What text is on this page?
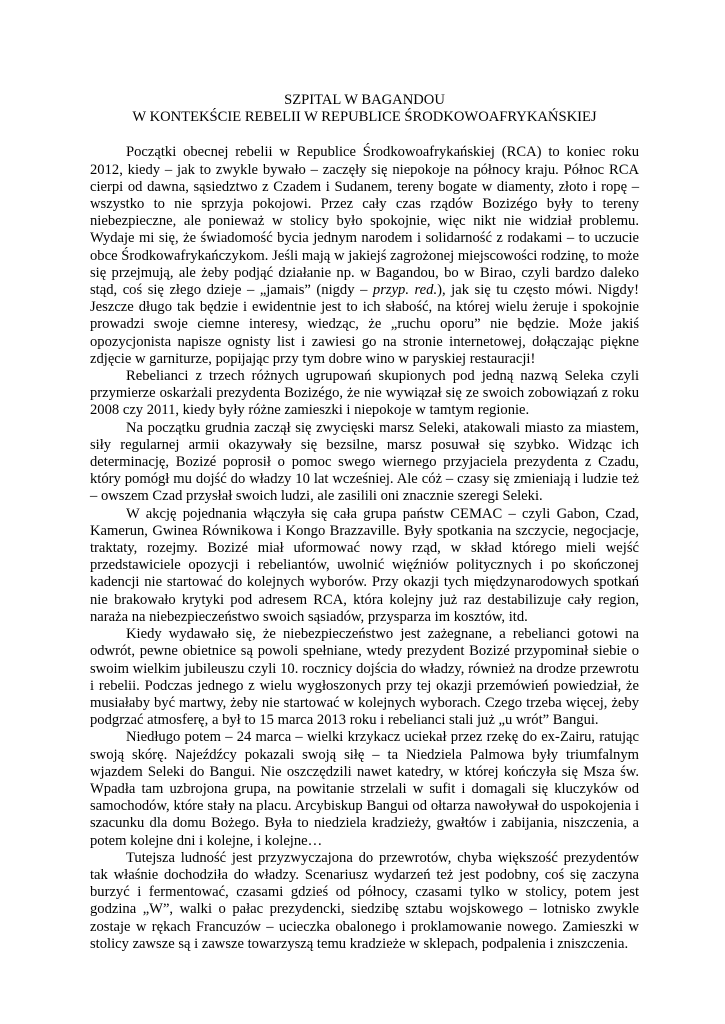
SZPITAL W BAGANDOU

W KONTEKŚCIE REBELII W REPUBLICE ŚRODKOWOAFRYKAŃSKIEJ

Początki obecnej rebelii w Republice Środkowoafrykańskiej (RCA) to koniec roku 2012, kiedy – jak to zwykle bywało – zaczęły się niepokoje na północy kraju. Północ RCA cierpi od dawna, sąsiedztwo z Czadem i Sudanem, tereny bogate w diamenty, złoto i ropę – wszystko to nie sprzyja pokojowi. Przez cały czas rządów Bozizégo były to tereny niebezpieczne, ale ponieważ w stolicy było spokojnie, więc nikt nie widział problemu. Wydaje mi się, że świadomość bycia jednym narodem i solidarność z rodakami – to uczucie obce Środkowafrykańczykom. Jeśli mają w jakiejś zagrożonej miejscowości rodzinę, to może się przejmują, ale żeby podjąć działanie np. w Bagandou, bo w Birao, czyli bardzo daleko stąd, coś się złego dzieje – „jamais” (nigdy – przyp. red.), jak się tu często mówi. Nigdy! Jeszcze długo tak będzie i ewidentnie jest to ich słabość, na której wielu żeruje i spokojnie prowadzi swoje ciemne interesy, wiedząc, że „ruchu oporu” nie będzie. Może jakiś opozycjonista napisze ognisty list i zawiesi go na stronie internetowej, dołączając piękne zdjęcie w garniturze, popijając przy tym dobre wino w paryskiej restauracji!

Rebelianci z trzech różnych ugrupowań skupionych pod jedną nazwą Seleka czyli przymierze oskarżali prezydenta Bozizégo, że nie wywiązał się ze swoich zobowiązań z roku 2008 czy 2011, kiedy były różne zamieszki i niepokoje w tamtym regionie.

Na początku grudnia zaczął się zwycięski marsz Seleki, atakowali miasto za miastem, siły regularnej armii okazywały się bezsilne, marsz posuwał się szybko. Widząc ich determinację, Bozizé poprosił o pomoc swego wiernego przyjaciela prezydenta z Czadu, który pomógł mu dojść do władzy 10 lat wcześniej. Ale cóż – czasy się zmieniają i ludzie też – owszem Czad przysłał swoich ludzi, ale zasilili oni znacznie szeregi Seleki.

W akcję pojednania włączyła się cała grupa państw CEMAC – czyli Gabon, Czad, Kamerun, Gwinea Równikowa i Kongo Brazzaville. Były spotkania na szczycie, negocjacje, traktaty, rozejmy. Bozizé miał uformować nowy rząd, w skład którego mieli wejść przedstawiciele opozycji i rebeliantów, uwolnić więźniów politycznych i po skończonej kadencji nie startować do kolejnych wyborów. Przy okazji tych międzynarodowych spotkań nie brakowało krytyki pod adresem RCA, która kolejny już raz destabilizuje cały region, naraża na niebezpieczeństwo swoich sąsiadów, przysparza im kosztów, itd.

Kiedy wydawało się, że niebezpieczeństwo jest zażegnane, a rebelianci gotowi na odwrót, pewne obietnice są powoli spełniane, wtedy prezydent Bozizé przypominał siebie o swoim wielkim jubileuszu czyli 10. rocznicy dojścia do władzy, również na drodze przewrotu i rebelii. Podczas jednego z wielu wygłoszonych przy tej okazji przemówień powiedział, że musiałaby być martwy, żeby nie startować w kolejnych wyborach. Czego trzeba więcej, żeby podgrzać atmosferę, a był to 15 marca 2013 roku i rebelianci stali już „u wrót” Bangui.

Niedługo potem – 24 marca – wielki krzykacz uciekał przez rzekę do ex-Zairu, ratując swoją skórę. Najeźdźcy pokazali swoją siłę – ta Niedziela Palmowa były triumfalnym wjazdem Seleki do Bangui. Nie oszczędzili nawet katedry, w której kończyła się Msza św. Wpadła tam uzbrojona grupa, na powitanie strzelali w sufit i domagali się kluczyków od samochodów, które stały na placu. Arcybiskup Bangui od ołtarza nawoływał do uspokojenia i szacunku dla domu Bożego. Była to niedziela kradzieży, gwałtów i zabijania, niszczenia, a potem kolejne dni i kolejne, i kolejne…

Tutejsza ludność jest przyzwyczajona do przewrotów, chyba większość prezydentów tak właśnie dochodziła do władzy. Scenariusz wydarzeń też jest podobny, coś się zaczyna burzyć i fermentować, czasami gdzieś od północy, czasami tylko w stolicy, potem jest godzina „W”, walki o pałac prezydencki, siedzibę sztabu wojskowego – lotnisko zwykle zostaje w rękach Francuzów – ucieczka obalonego i proklamowanie nowego. Zamieszki w stolicy zawsze są i zawsze towarzyszą temu kradzieże w sklepach, podpalenia i zniszczenia.
